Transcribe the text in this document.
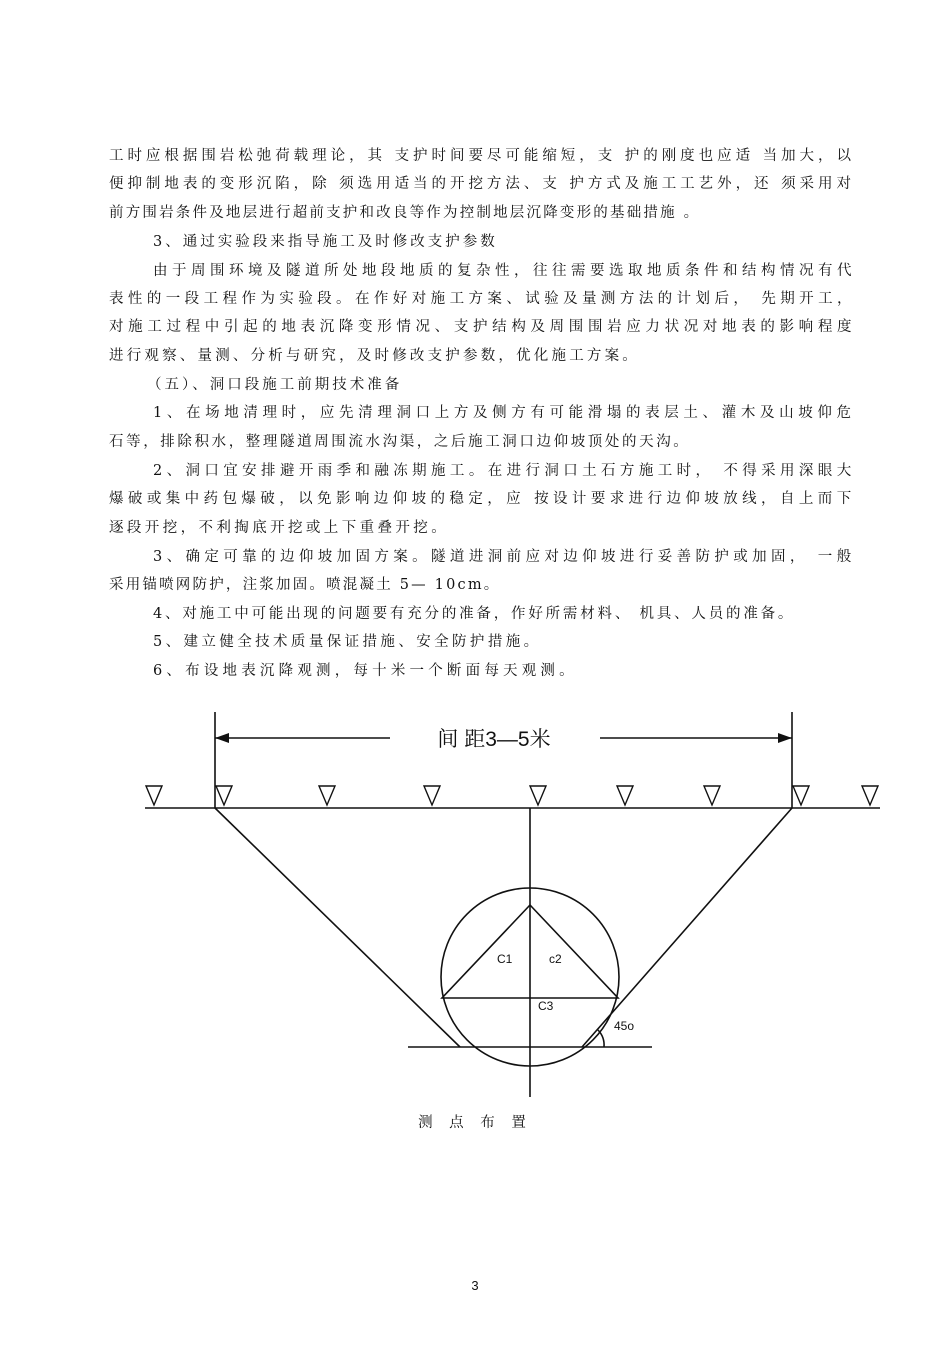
工时应根据围岩松弛荷载理论，其 支护时间要尽可能缩短，支 护的刚度也应适 当加大，以
便抑制地表的变形沉陷，除 须选用适当的开挖方法、支 护方式及施工工艺外，还 须采用对
前方围岩条件及地层进行超前支护和改良等作为控制地层沉降变形的基础措施 。
3、通过实验段来指导施工及时修改支护参数
由于周围环境及隧道所处地段地质的复杂性，往往需要选取地质条件和结构情况有代
表性的一段工程作为实验段。在作好对施工方案、试验及量测方法的计划后， 先期开工，
对施工过程中引起的地表沉降变形情况、支护结构及周围围岩应力状况对地表的影响程度
进行观察、量测、分析与研究，及时修改支护参数，优化施工方案。
（五）、洞口段施工前期技术准备
1、在场地清理时，应先清理洞口上方及侧方有可能滑塌的表层土、灌木及山坡仰危
石等，排除积水，整理隧道周围流水沟渠，之后施工洞口边仰坡顶处的天沟。
2、洞口宜安排避开雨季和融冻期施工。在进行洞口土石方施工时， 不得采用深眼大
爆破或集中药包爆破，以免影响边仰坡的稳定，应 按设计要求进行边仰坡放线，自上而下
逐段开挖，不利掏底开挖或上下重叠开挖。
3、确定可靠的边仰坡加固方案。隧道进洞前应对边仰坡进行妥善防护或加固， 一般
采用锚喷网防护，注浆加固。喷混凝土 5— 10cm。
4、对施工中可能出现的问题要有充分的准备，作好所需材料、 机具、人员的准备。
5、建立健全技术质量保证措施、安全防护措施。
6、布设地表沉降观测，每十米一个断面每天观测。
间 距3—5米
C1	c2
C3
45o
测 点 布 置
3
